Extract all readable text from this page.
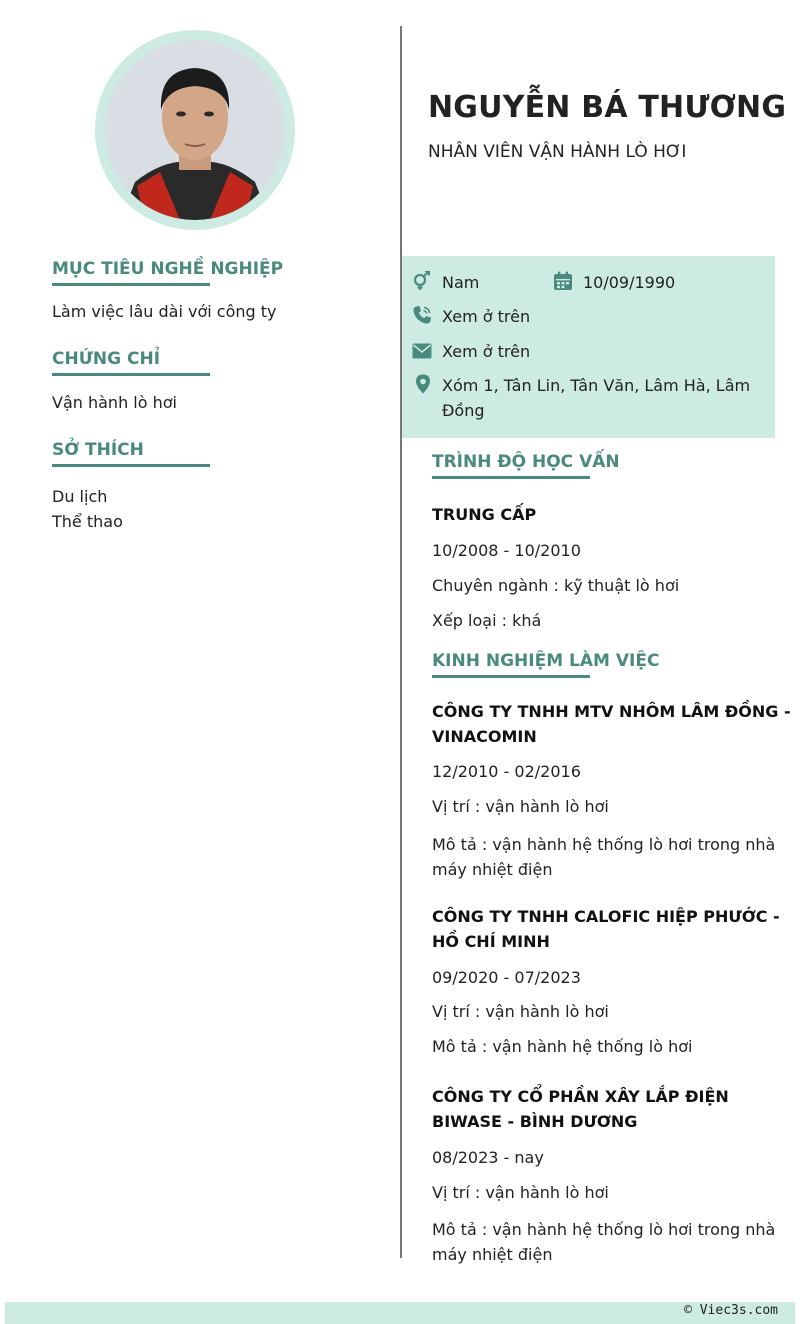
MỤC TIÊU NGHỀ NGHIỆP
Làm việc lâu dài với công ty
CHỨNG CHỈ
Vận hành lò hơi
SỞ THÍCH
Du lịch
Thể thao
NGUYỄN BÁ THƯƠNG
NHÂN VIÊN VẬN HÀNH LÒ HƠI
Nam	10/09/1990
Xem ở trên
Xem ở trên
Xóm 1, Tân Lin, Tân Văn, Lâm Hà, Lâm
Đồng
TRÌNH ĐỘ HỌC VẤN
TRUNG CẤP
10/2008 - 10/2010
Chuyên ngành : kỹ thuật lò hơi
Xếp loại : khá
KINH NGHIỆM LÀM VIỆC
CÔNG TY TNHH MTV NHÔM LÂM ĐỒNG -
VINACOMIN
12/2010 - 02/2016
Vị trí : vận hành lò hơi
Mô tả : vận hành hệ thống lò hơi trong nhà
máy nhiệt điện
CÔNG TY TNHH CALOFIC HIỆP PHƯỚC -
HỒ CHÍ MINH
09/2020 - 07/2023
Vị trí : vận hành lò hơi
Mô tả : vận hành hệ thống lò hơi
CÔNG TY CỔ PHẦN XÂY LẮP ĐIỆN
BIWASE - BÌNH DƯƠNG
08/2023 - nay
Vị trí : vận hành lò hơi
Mô tả : vận hành hệ thống lò hơi trong nhà
máy nhiệt điện
© Viec3s.com
